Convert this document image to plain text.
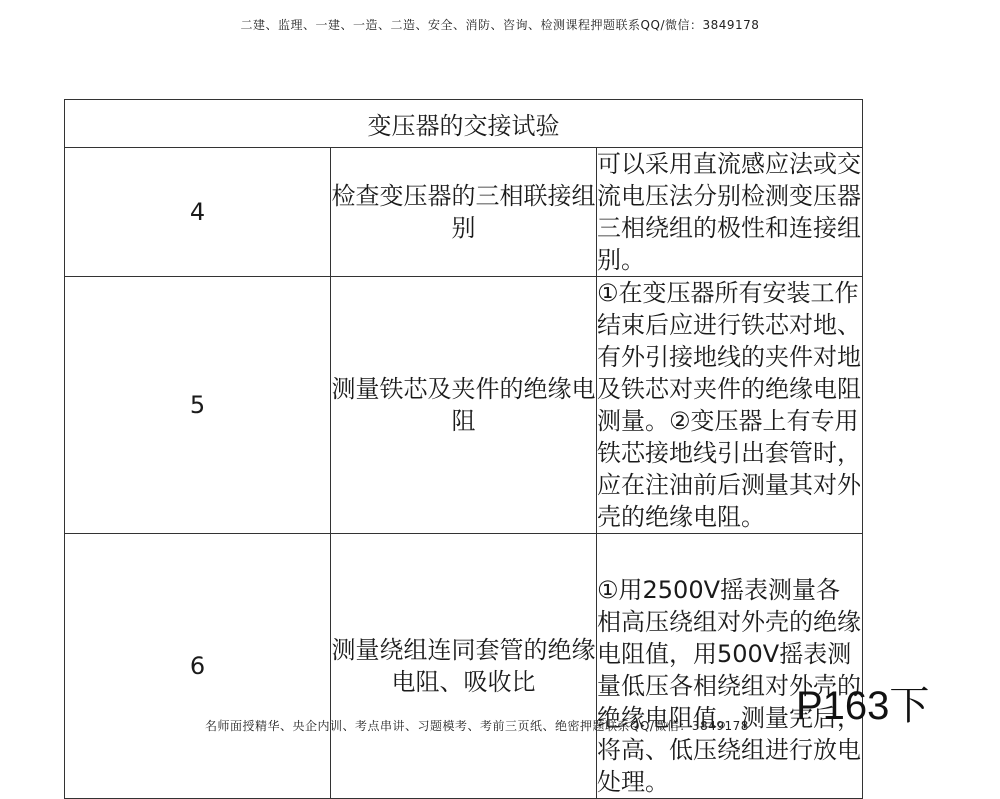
二建、监理、一建、一造、二造、安全、消防、咨询、检测课程押题联系QQ/微信：3849178
变压器的交接试验		
4	检查变压器的三相联接组别	可以采用直流感应法或交流电压法分别检测变压器三相绕组的极性和连接组别。
5	测量铁芯及夹件的绝缘电阻	①在变压器所有安装工作结束后应进行铁芯对地、有外引接地线的夹件对地及铁芯对夹件的绝缘电阻测量。②变压器上有专用铁芯接地线引出套管时，应在注油前后测量其对外壳的绝缘电阻。
6	测量绕组连同套管的绝缘电阻、吸收比	①用2500V摇表测量各相高压绕组对外壳的绝缘电阻值，用500V摇表测量低压各相绕组对外壳的绝缘电阻值。测量完后，将高、低压绕组进行放电处理。
名师面授精华、央企内训、考点串讲、习题模考、考前三页纸、绝密押题联系QQ/微信：3849178 P163下
